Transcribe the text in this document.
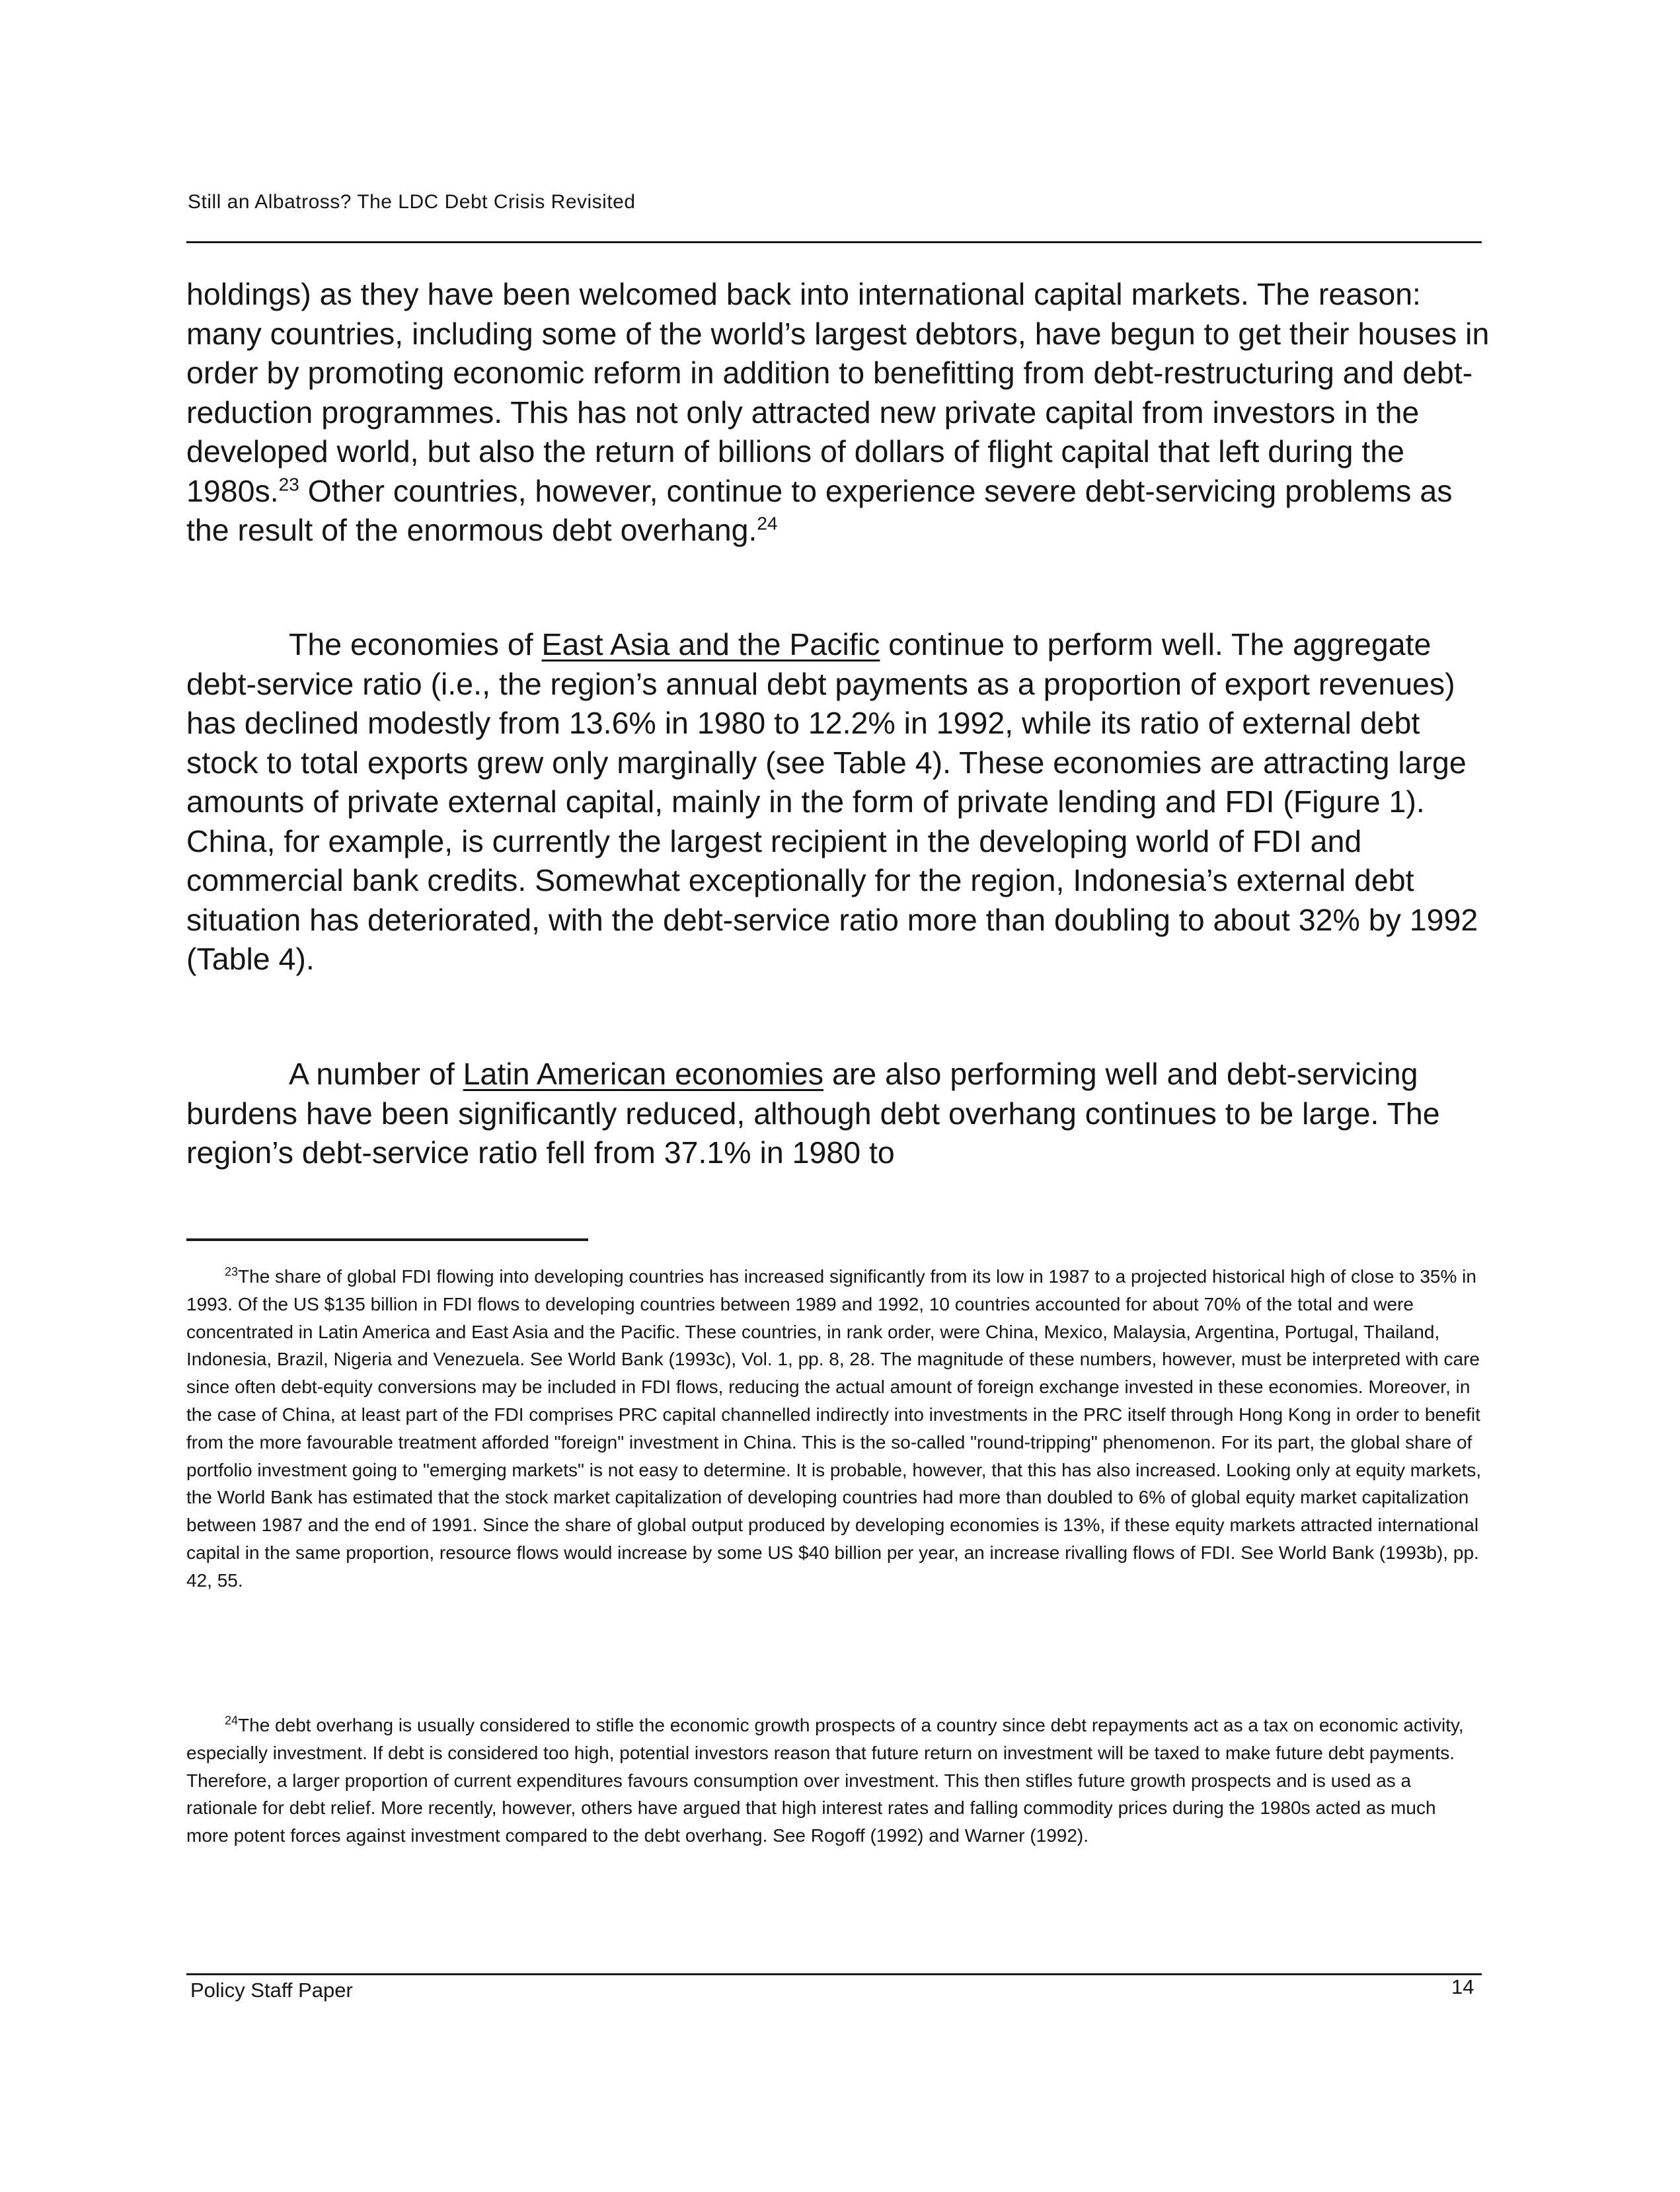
Still an Albatross? The LDC Debt Crisis Revisited

holdings) as they have been welcomed back into international capital markets. The reason: many countries, including some of the world’s largest debtors, have begun to get their houses in order by promoting economic reform in addition to benefitting from debt-restructuring and debt-reduction programmes. This has not only attracted new private capital from investors in the developed world, but also the return of billions of dollars of flight capital that left during the 1980s.$^{23}$ Other countries, however, continue to experience severe debt-servicing problems as the result of the enormous debt overhang.$^{24}$

The economies of East Asia and the Pacific continue to perform well. The aggregate debt-service ratio (i.e., the region’s annual debt payments as a proportion of export revenues) has declined modestly from 13.6% in 1980 to 12.2% in 1992, while its ratio of external debt stock to total exports grew only marginally (see Table 4). These economies are attracting large amounts of private external capital, mainly in the form of private lending and FDI (Figure 1). China, for example, is currently the largest recipient in the developing world of FDI and commercial bank credits. Somewhat exceptionally for the region, Indonesia’s external debt situation has deteriorated, with the debt-service ratio more than doubling to about 32% by 1992 (Table 4).

A number of Latin American economies are also performing well and debt-servicing burdens have been significantly reduced, although debt overhang continues to be large. The region’s debt-service ratio fell from 37.1% in 1980 to

$^{23}$The share of global FDI flowing into developing countries has increased significantly from its low in 1987 to a projected historical high of close to 35% in 1993. Of the US $135 billion in FDI flows to developing countries between 1989 and 1992, 10 countries accounted for about 70% of the total and were concentrated in Latin America and East Asia and the Pacific. These countries, in rank order, were China, Mexico, Malaysia, Argentina, Portugal, Thailand, Indonesia, Brazil, Nigeria and Venezuela. See World Bank (1993c), Vol. 1, pp. 8, 28. The magnitude of these numbers, however, must be interpreted with care since often debt-equity conversions may be included in FDI flows, reducing the actual amount of foreign exchange invested in these economies. Moreover, in the case of China, at least part of the FDI comprises PRC capital channelled indirectly into investments in the PRC itself through Hong Kong in order to benefit from the more favourable treatment afforded "foreign" investment in China. This is the so-called "round-tripping" phenomenon. For its part, the global share of portfolio investment going to "emerging markets" is not easy to determine. It is probable, however, that this has also increased. Looking only at equity markets, the World Bank has estimated that the stock market capitalization of developing countries had more than doubled to 6% of global equity market capitalization between 1987 and the end of 1991. Since the share of global output produced by developing economies is 13%, if these equity markets attracted international capital in the same proportion, resource flows would increase by some US $40 billion per year, an increase rivalling flows of FDI. See World Bank (1993b), pp. 42, 55.

$^{24}$The debt overhang is usually considered to stifle the economic growth prospects of a country since debt repayments act as a tax on economic activity, especially investment. If debt is considered too high, potential investors reason that future return on investment will be taxed to make future debt payments. Therefore, a larger proportion of current expenditures favours consumption over investment. This then stifles future growth prospects and is used as a rationale for debt relief. More recently, however, others have argued that high interest rates and falling commodity prices during the 1980s acted as much more potent forces against investment compared to the debt overhang. See Rogoff (1992) and Warner (1992).

Policy Staff Paper	14
